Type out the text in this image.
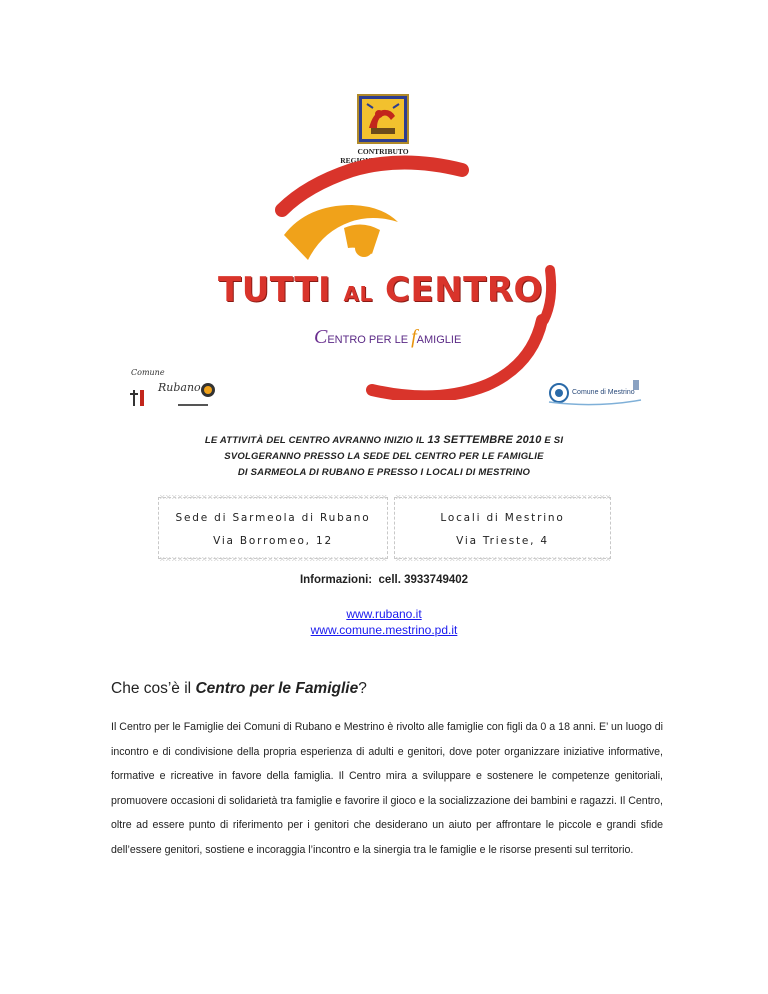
CONTRIBUTO
REGIONE DEL VENETO
TUTTI AL CENTRO
CENTRO PER LE fAMIGLIE
Comune
Rubano	Comune di Mestrino
LE ATTIVITÀ DEL CENTRO AVRANNO INIZIO IL 13 SETTEMBRE 2010 E SI
SVOLGERANNO PRESSO LA SEDE DEL CENTRO PER LE FAMIGLIE
DI SARMEOLA DI RUBANO E PRESSO I LOCALI DI MESTRINO
Sede di Sarmeola di Rubano
Via Borromeo, 12
Locali di Mestrino
Via Trieste, 4
Informazioni: cell. 3933749402
www.rubano.it
www.comune.mestrino.pd.it
Che cos’è il Centro per le Famiglie?
Il Centro per le Famiglie dei Comuni di Rubano e Mestrino è rivolto alle famiglie con figli da 0 a 18 anni. E’ un luogo di incontro e di condivisione della propria esperienza di adulti e genitori, dove poter organizzare iniziative informative, formative e ricreative in favore della famiglia. Il Centro mira a sviluppare e sostenere le competenze genitoriali, promuovere occasioni di solidarietà tra famiglie e favorire il gioco e la socializzazione dei bambini e ragazzi. Il Centro, oltre ad essere punto di riferimento per i genitori che desiderano un aiuto per affrontare le piccole e grandi sfide dell’essere genitori, sostiene e incoraggia l’incontro e la sinergia tra le famiglie e le risorse presenti sul territorio.
